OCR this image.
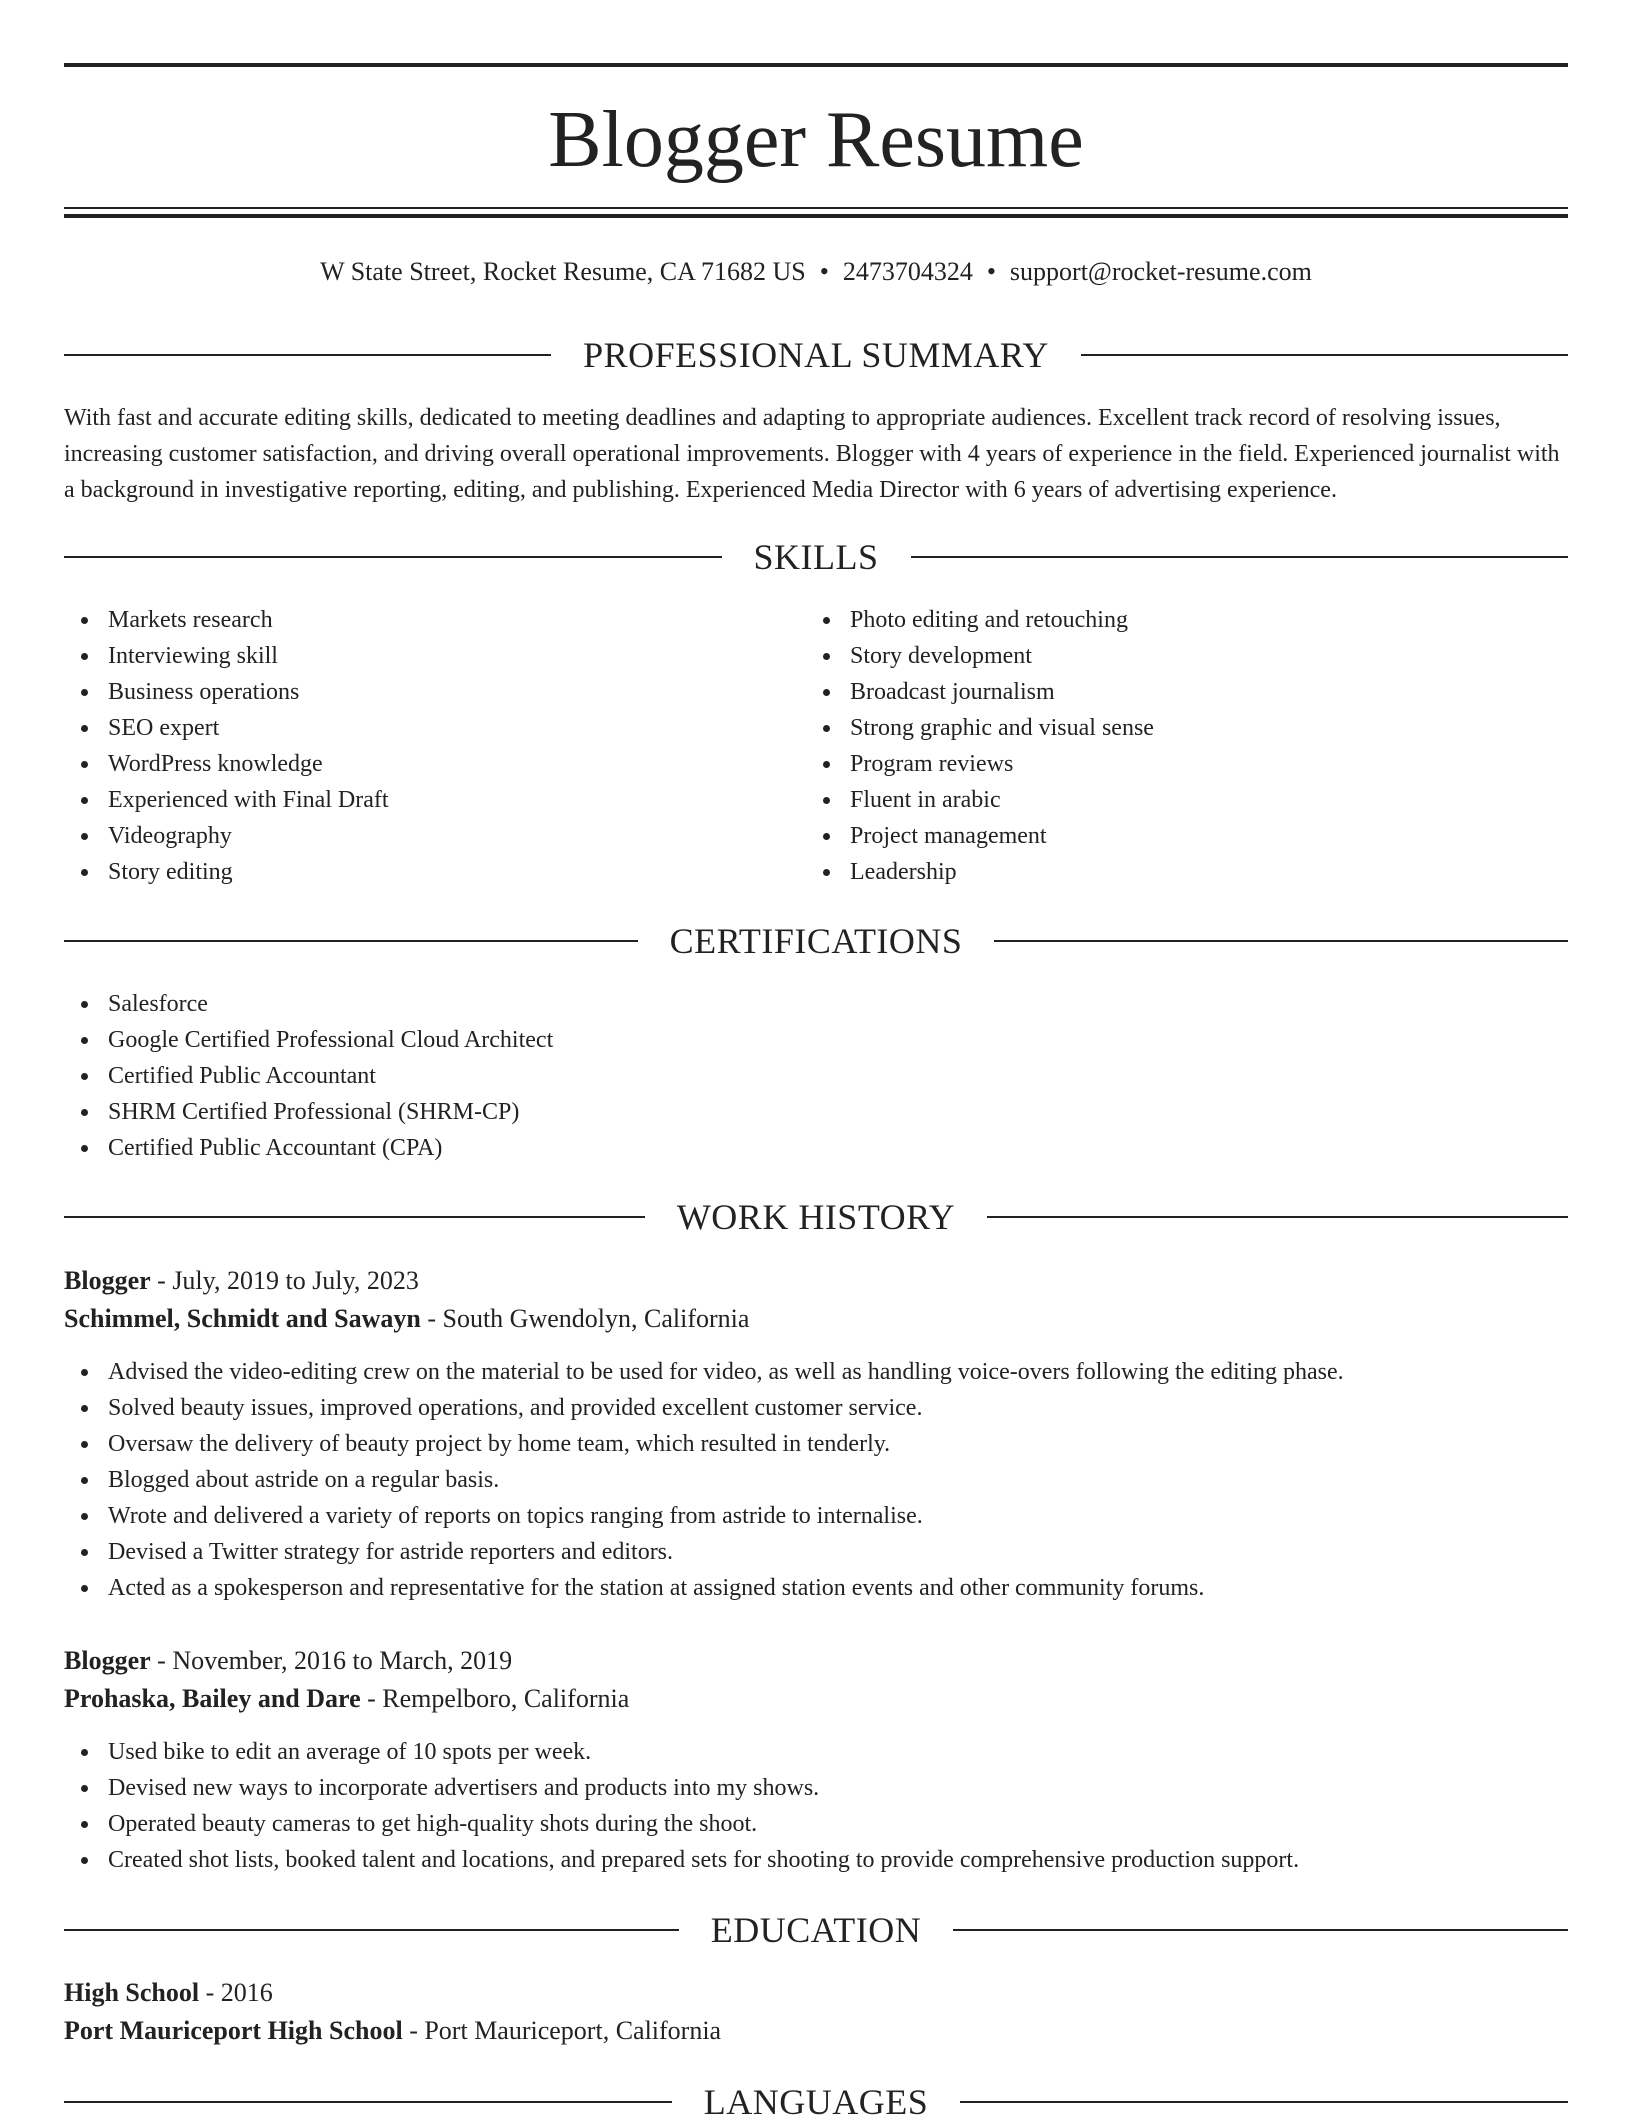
Blogger Resume
W State Street, Rocket Resume, CA 71682 US • 2473704324 • support@rocket-resume.com
PROFESSIONAL SUMMARY

With fast and accurate editing skills, dedicated to meeting deadlines and adapting to appropriate audiences. Excellent track record of resolving issues, increasing customer satisfaction, and driving overall operational improvements. Blogger with 4 years of experience in the field. Experienced journalist with a background in investigative reporting, editing, and publishing. Experienced Media Director with 6 years of advertising experience.

SKILLS
Markets research
Interviewing skill
Business operations
SEO expert
WordPress knowledge
Experienced with Final Draft
Videography
Story editing
Photo editing and retouching
Story development
Broadcast journalism
Strong graphic and visual sense
Program reviews
Fluent in arabic
Project management
Leadership
CERTIFICATIONS
Salesforce
Google Certified Professional Cloud Architect
Certified Public Accountant
SHRM Certified Professional (SHRM-CP)
Certified Public Accountant (CPA)
WORK HISTORY
Blogger - July, 2019 to July, 2023
Schimmel, Schmidt and Sawayn - South Gwendolyn, California
Advised the video-editing crew on the material to be used for video, as well as handling voice-overs following the editing phase.
Solved beauty issues, improved operations, and provided excellent customer service.
Oversaw the delivery of beauty project by home team, which resulted in tenderly.
Blogged about astride on a regular basis.
Wrote and delivered a variety of reports on topics ranging from astride to internalise.
Devised a Twitter strategy for astride reporters and editors.
Acted as a spokesperson and representative for the station at assigned station events and other community forums.
Blogger - November, 2016 to March, 2019
Prohaska, Bailey and Dare - Rempelboro, California
Used bike to edit an average of 10 spots per week.
Devised new ways to incorporate advertisers and products into my shows.
Operated beauty cameras to get high-quality shots during the shoot.
Created shot lists, booked talent and locations, and prepared sets for shooting to provide comprehensive production support.
EDUCATION
High School - 2016
Port Mauriceport High School - Port Mauriceport, California
LANGUAGES
